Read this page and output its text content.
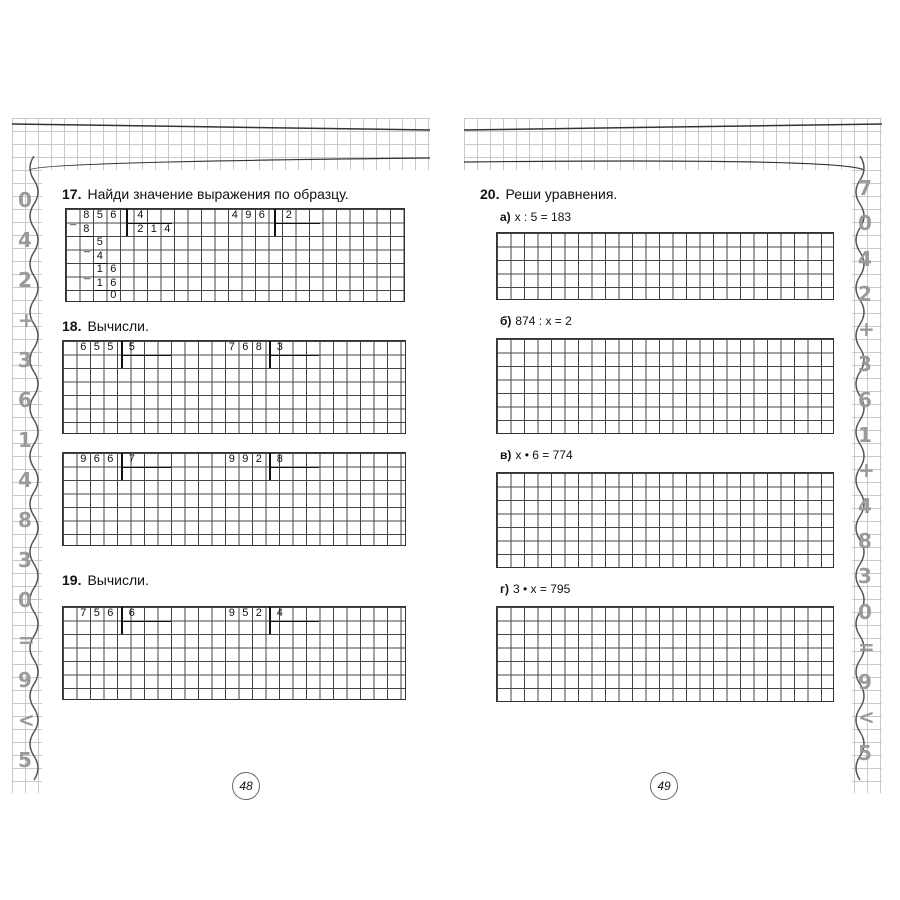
17. Найди значение выражения по образцу.
_ 8 5 6	4
2 1 4
8
_ 5
4
_ 1 6
1 6
0
4 9 6	2
18. Вычисли.
6 5 5	5	7 6 8	3
9 6 6	7	9 9 2	8
19. Вычисли.
7 5 6	6	9 5 2	4
48
0
4
2
+
3
6
1
4
8
3
0
=
9
<
5
20. Реши уравнения.
а) x : 5 = 183
б) 874 : x = 2
в) x • 6 = 774
г) 3 • x = 795
49
7
0
4
2
+
3
6
1
+
4
8
3
0
=
9
<
5
